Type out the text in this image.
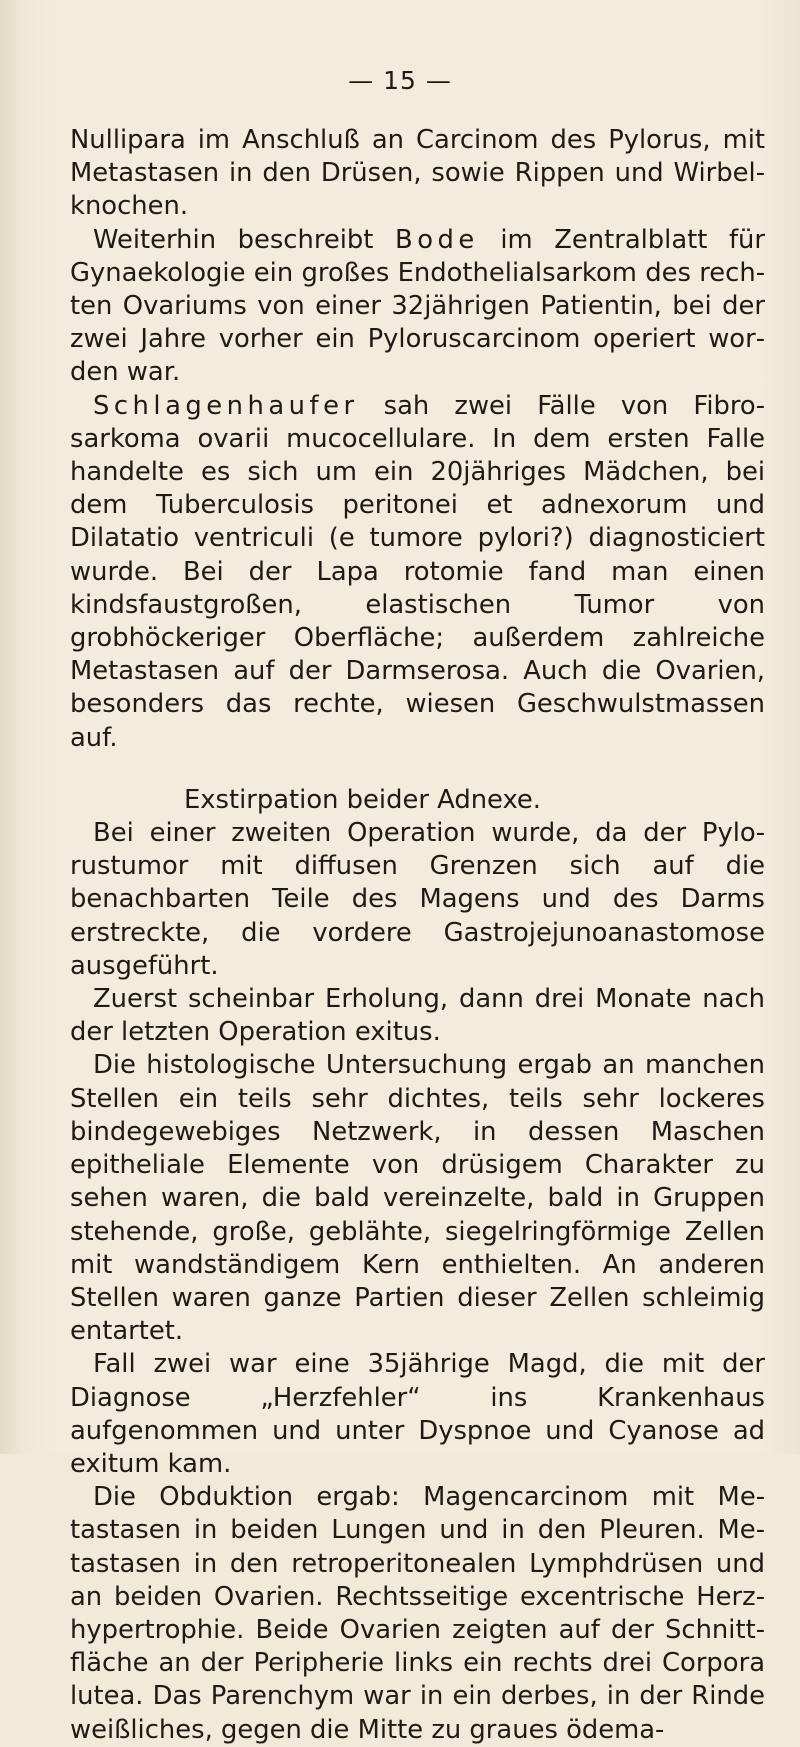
— 15 —

Nullipara im Anschluß an Carcinom des Pylorus, mit Metastasen in den Drüsen, sowie Rippen und Wirbelknochen.

Weiterhin beschreibt Bode im Zentralblatt für Gynaekologie ein großes Endothelialsarkom des rechten Ovariums von einer 32jährigen Patientin, bei der zwei Jahre vorher ein Pyloruscarcinom operiert worden war.

Schlagenhaufer sah zwei Fälle von Fibrosarkoma ovarii mucocellulare. In dem ersten Falle handelte es sich um ein 20jähriges Mädchen, bei dem Tuberculosis peritonei et adnexorum und Dilatatio ventriculi (e tumore pylori?) diagnosticiert wurde. Bei der Lapa rotomie fand man einen kindsfaustgroßen, elastischen Tumor von grobhöckeriger Oberfläche; außerdem zahlreiche Metastasen auf der Darmserosa. Auch die Ovarien, besonders das rechte, wiesen Geschwulstmassen auf.

Exstirpation beider Adnexe.

Bei einer zweiten Operation wurde, da der Pylorustumor mit diffusen Grenzen sich auf die benachbarten Teile des Magens und des Darms erstreckte, die vordere Gastrojejunoanastomose ausgeführt.

Zuerst scheinbar Erholung, dann drei Monate nach der letzten Operation exitus.

Die histologische Untersuchung ergab an manchen Stellen ein teils sehr dichtes, teils sehr lockeres bindegewebiges Netzwerk, in dessen Maschen epitheliale Elemente von drüsigem Charakter zu sehen waren, die bald vereinzelte, bald in Gruppen stehende, große, geblähte, siegelringförmige Zellen mit wandständigem Kern enthielten. An anderen Stellen waren ganze Partien dieser Zellen schleimig entartet.

Fall zwei war eine 35jährige Magd, die mit der Diagnose „Herzfehler“ ins Krankenhaus aufgenommen und unter Dyspnoe und Cyanose ad exitum kam.

Die Obduktion ergab: Magencarcinom mit Metastasen in beiden Lungen und in den Pleuren. Metastasen in den retroperitonealen Lymphdrüsen und an beiden Ovarien. Rechtsseitige excentrische Herzhypertrophie. Beide Ovarien zeigten auf der Schnittfläche an der Peripherie links ein rechts drei Corpora lutea. Das Parenchym war in ein derbes, in der Rinde weißliches, gegen die Mitte zu graues ödema-
